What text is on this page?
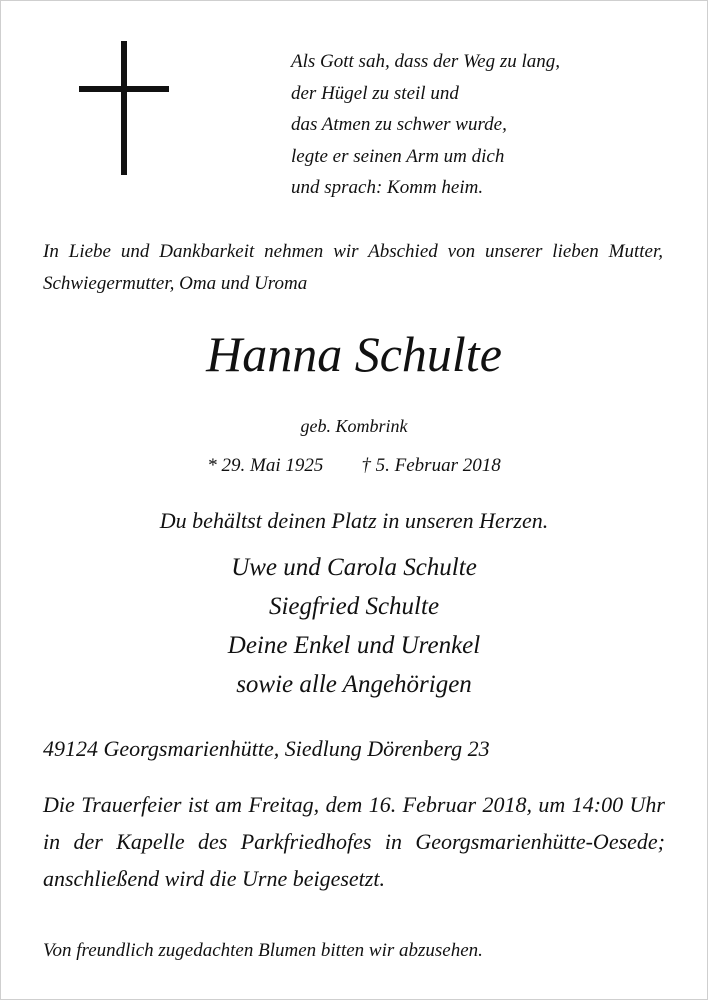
Als Gott sah, dass der Weg zu lang,
der Hügel zu steil und
das Atmen zu schwer wurde,
legte er seinen Arm um dich
und sprach: Komm heim.
In Liebe und Dankbarkeit nehmen wir Abschied von unserer lieben Mutter, Schwiegermutter, Oma und Uroma
Hanna Schulte
geb. Kombrink
* 29. Mai 1925 † 5. Februar 2018
Du behältst deinen Platz in unseren Herzen.
Uwe und Carola Schulte
Siegfried Schulte
Deine Enkel und Urenkel
sowie alle Angehörigen
49124 Georgsmarienhütte, Siedlung Dörenberg 23
Die Trauerfeier ist am Freitag, dem 16. Februar 2018, um 14:00 Uhr in der Kapelle des Parkfriedhofes in Georgsmarienhütte-Oesede; anschließend wird die Urne beigesetzt.
Von freundlich zugedachten Blumen bitten wir abzusehen.
